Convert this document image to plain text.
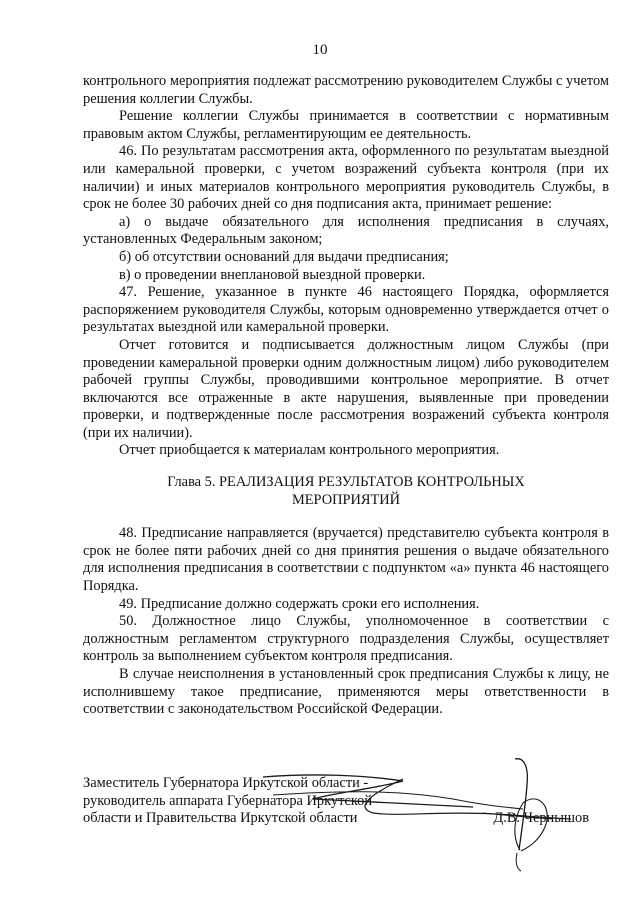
10

контрольного мероприятия подлежат рассмотрению руководителем Службы с учетом решения коллегии Службы.

Решение коллегии Службы принимается в соответствии с нормативным правовым актом Службы, регламентирующим ее деятельность.

46. По результатам рассмотрения акта, оформленного по результатам выездной или камеральной проверки, с учетом возражений субъекта контроля (при их наличии) и иных материалов контрольного мероприятия руководитель Службы, в срок не более 30 рабочих дней со дня подписания акта, принимает решение:

а) о выдаче обязательного для исполнения предписания в случаях, установленных Федеральным законом;

б) об отсутствии оснований для выдачи предписания;

в) о проведении внеплановой выездной проверки.

47. Решение, указанное в пункте 46 настоящего Порядка, оформляется распоряжением руководителя Службы, которым одновременно утверждается отчет о результатах выездной или камеральной проверки.

Отчет готовится и подписывается должностным лицом Службы (при проведении камеральной проверки одним должностным лицом) либо руководителем рабочей группы Службы, проводившими контрольное мероприятие. В отчет включаются все отраженные в акте нарушения, выявленные при проведении проверки, и подтвержденные после рассмотрения возражений субъекта контроля (при их наличии).

Отчет приобщается к материалам контрольного мероприятия.

Глава 5. РЕАЛИЗАЦИЯ РЕЗУЛЬТАТОВ КОНТРОЛЬНЫХ
МЕРОПРИЯТИЙ

48. Предписание направляется (вручается) представителю субъекта контроля в срок не более пяти рабочих дней со дня принятия решения о выдаче обязательного для исполнения предписания в соответствии с подпунктом «а» пункта 46 настоящего Порядка.

49. Предписание должно содержать сроки его исполнения.

50. Должностное лицо Службы, уполномоченное в соответствии с должностным регламентом структурного подразделения Службы, осуществляет контроль за выполнением субъектом контроля предписания.

В случае неисполнения в установленный срок предписания Службы к лицу, не исполнившему такое предписание, применяются меры ответственности в соответствии с законодательством Российской Федерации.

Заместитель Губернатора Иркутской области -
руководитель аппарата Губернатора Иркутской
области и Правительства Иркутской области	Д.В. Чернышов
